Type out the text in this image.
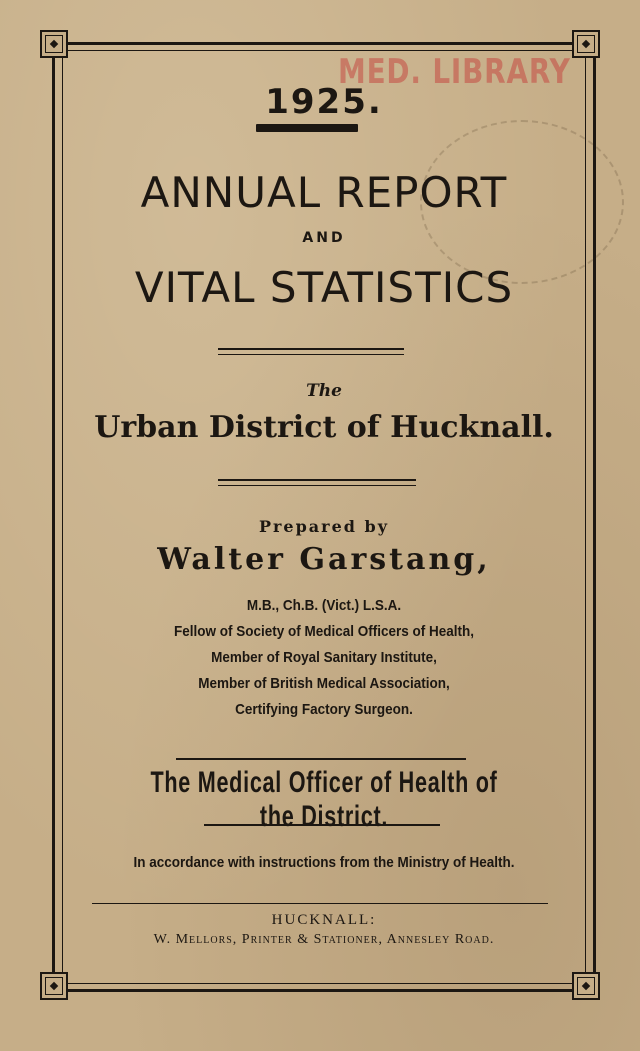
MED. LIBRARY
1925.
ANNUAL REPORT
AND
VITAL STATISTICS
The
Urban District of Hucknall.
Prepared by
Walter Garstang,
M.B., Ch.B. (Vict.) L.S.A.
Fellow of Society of Medical Officers of Health,
Member of Royal Sanitary Institute,
Member of British Medical Association,
Certifying Factory Surgeon.
The Medical Officer of Health of the District.
In accordance with instructions from the Ministry of Health.
HUCKNALL:
W. Mellors, Printer & Stationer, Annesley Road.
